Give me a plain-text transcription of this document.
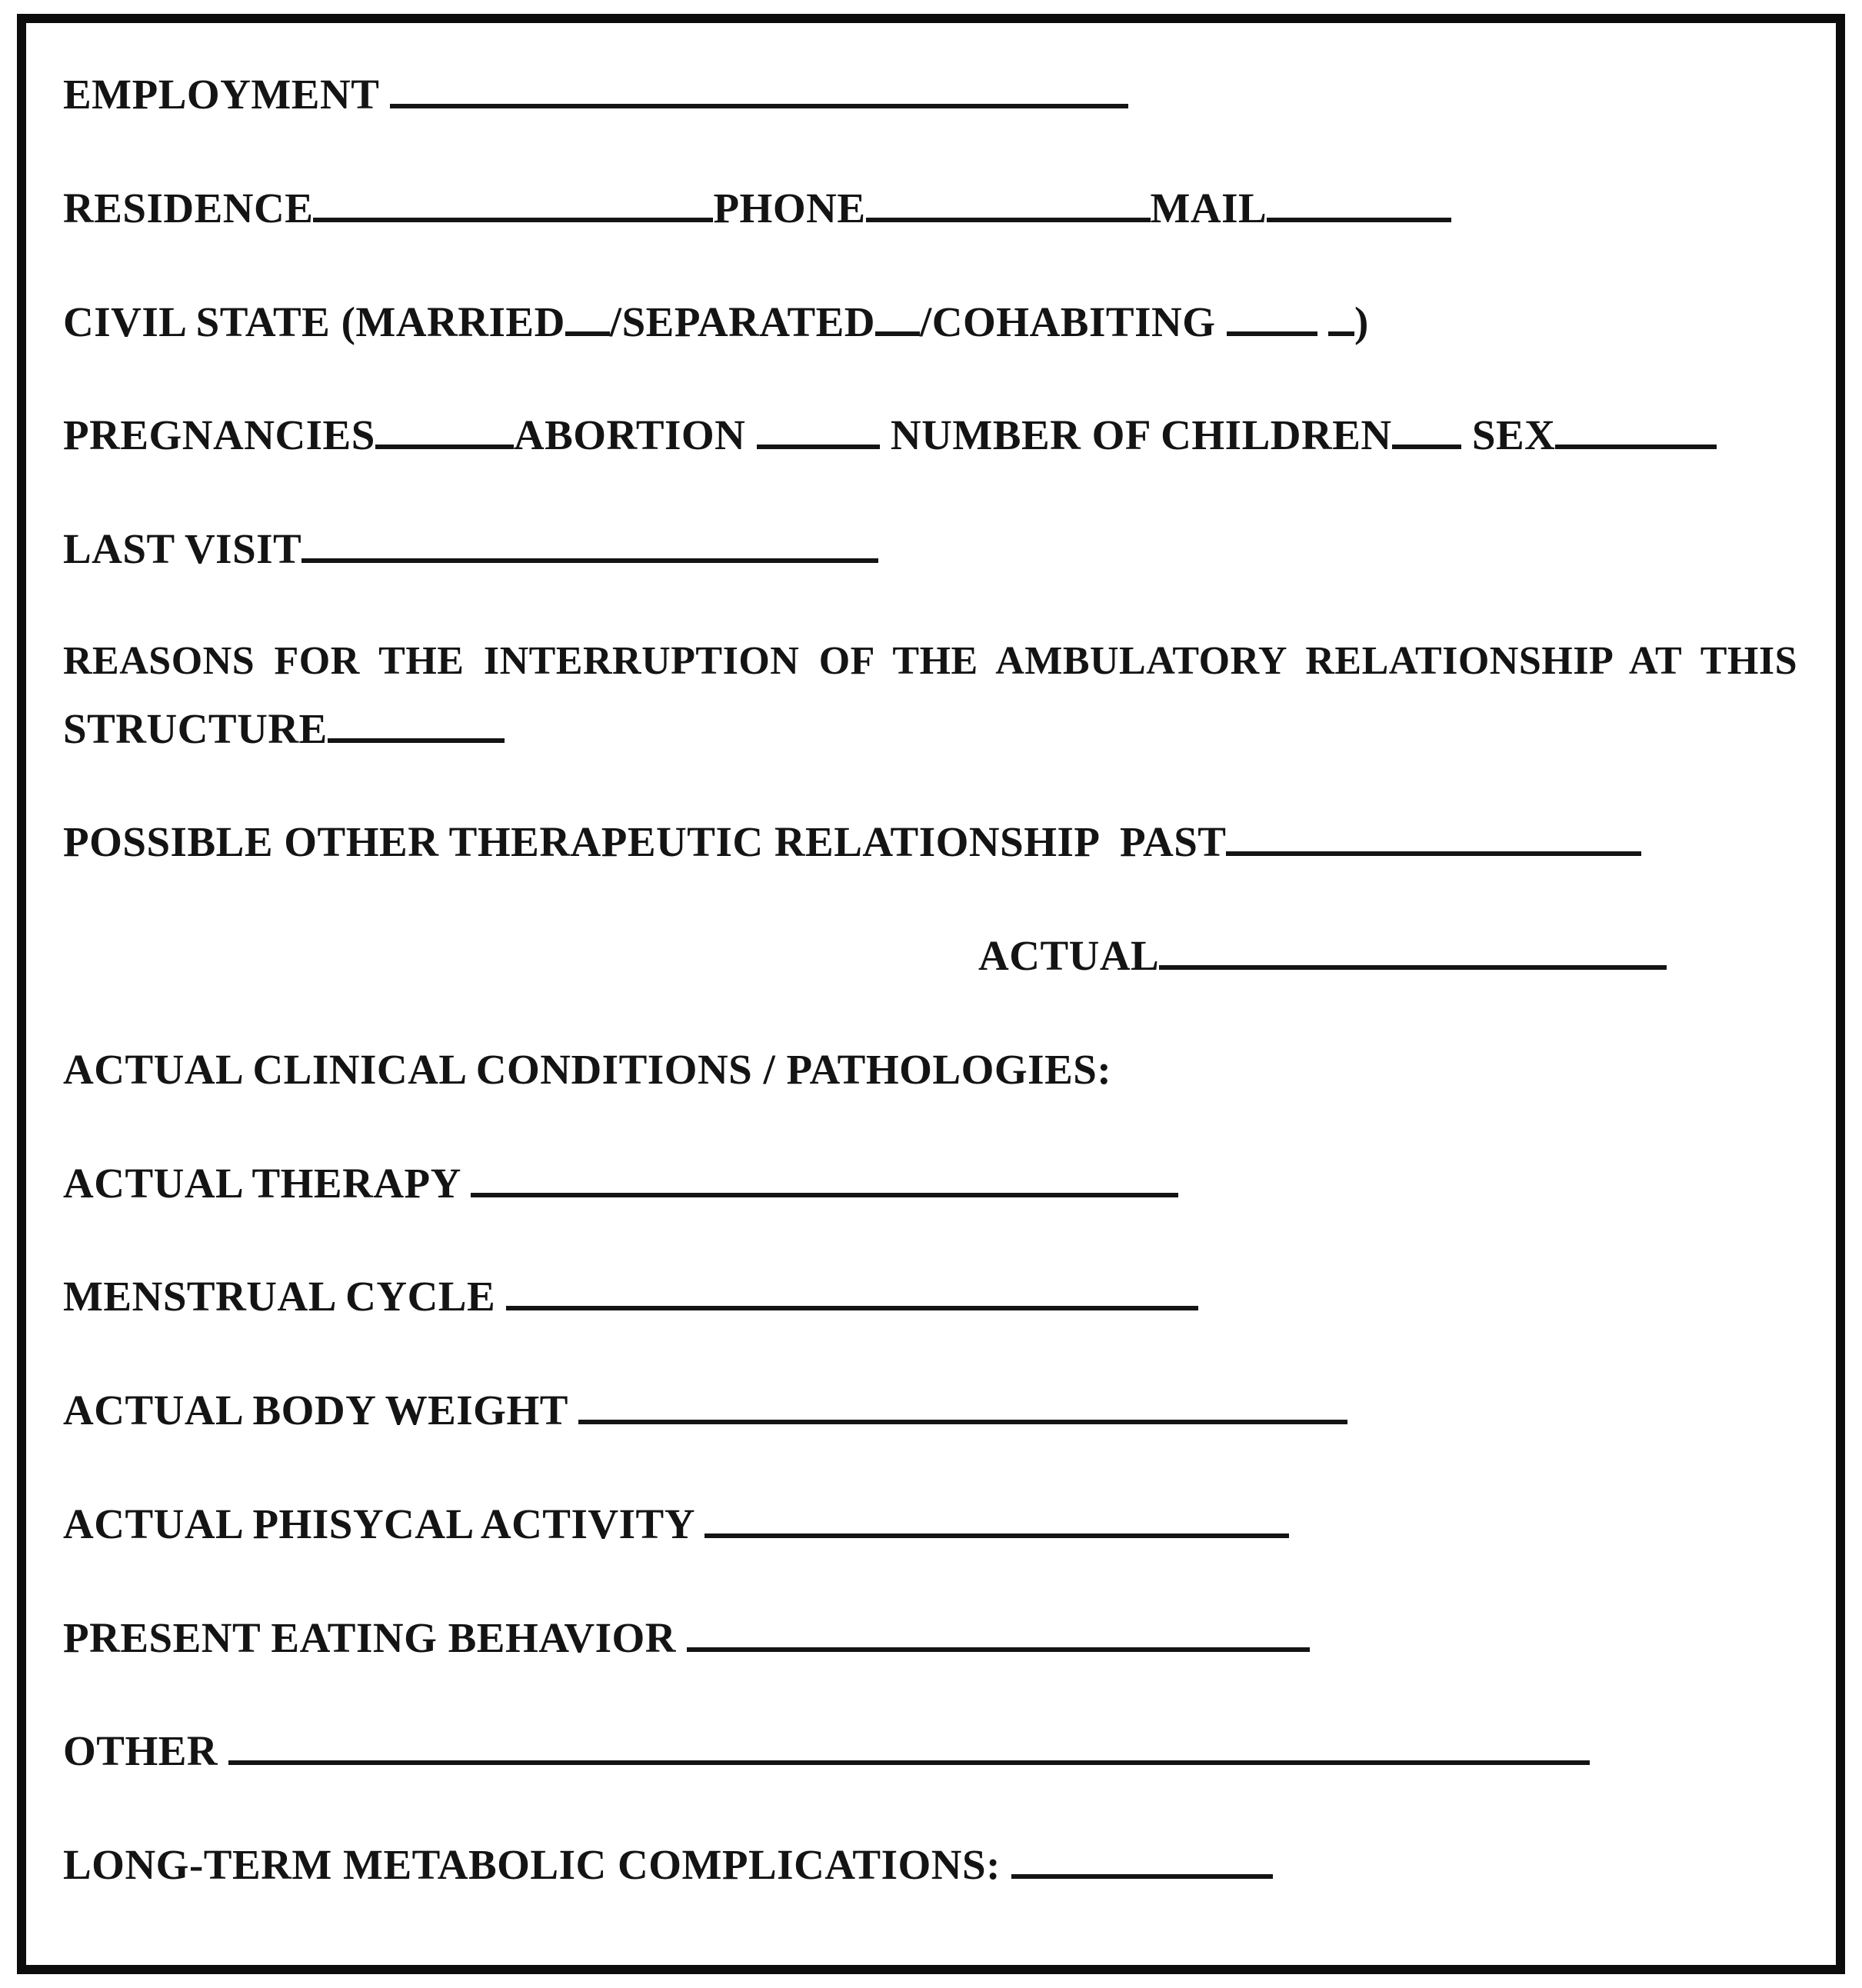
EMPLOYMENT
RESIDENCE	PHONE	MAIL
CIVIL STATE (MARRIED /SEPARATED /COHABITING	)
PREGNANCIES	ABORTION	NUMBER OF CHILDREN SEX
LAST VISIT
REASONS FOR THE INTERRUPTION OF THE AMBULATORY RELATIONSHIP AT THIS
STRUCTURE
POSSIBLE OTHER THERAPEUTIC RELATIONSHIP  PAST
ACTUAL
ACTUAL CLINICAL CONDITIONS / PATHOLOGIES:
ACTUAL THERAPY
MENSTRUAL CYCLE
ACTUAL BODY WEIGHT
ACTUAL PHISYCAL ACTIVITY
PRESENT EATING BEHAVIOR
OTHER
LONG-TERM METABOLIC COMPLICATIONS:
